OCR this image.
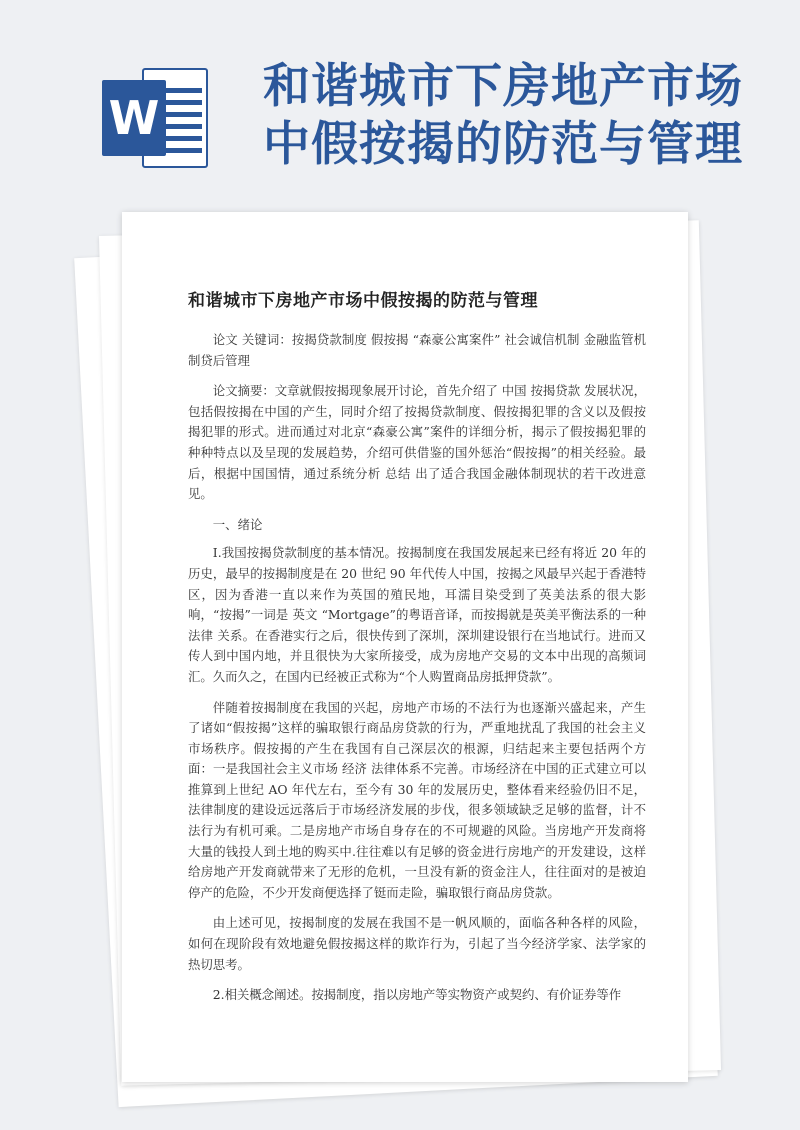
W
和谐城市下房地产市场
中假按揭的防范与管理
和谐城市下房地产市场中假按揭的防范与管理

论文 关键词：按揭贷款制度 假按揭 “森豪公寓案件” 社会诚信机制 金融监管机制贷后管理

论文摘要：文章就假按揭现象展开讨论，首先介绍了 中国 按揭贷款 发展状况，包括假按揭在中国的产生，同时介绍了按揭贷款制度、假按揭犯罪的含义以及假按揭犯罪的形式。进而通过对北京“森豪公寓”案件的详细分析，揭示了假按揭犯罪的种种特点以及呈现的发展趋势，介绍可供借鉴的国外惩治“假按揭”的相关经验。最后，根据中国国情，通过系统分析 总结 出了适合我国金融体制现状的若干改进意见。

一、绪论

I.我国按揭贷款制度的基本情况。按揭制度在我国发展起来已经有将近 20 年的 历史，最早的按揭制度是在 20 世纪 90 年代传人中国，按揭之风最早兴起于香港特区，因为香港一直以来作为英国的殖民地，耳濡目染受到了英美法系的很大影响，“按揭”一词是 英文 “Mortgage”的粤语音译，而按揭就是英美平衡法系的一种 法律 关系。在香港实行之后，很快传到了深圳，深圳建设银行在当地试行。进而又传人到中国内地，并且很快为大家所接受，成为房地产交易的文本中出现的高频词汇。久而久之，在国内已经被正式称为“个人购置商品房抵押贷款”。

伴随着按揭制度在我国的兴起，房地产市场的不法行为也逐渐兴盛起来，产生了诸如“假按揭”这样的骗取银行商品房贷款的行为，严重地扰乱了我国的社会主义市场秩序。假按揭的产生在我国有自己深层次的根源，归结起来主要包括两个方面：一是我国社会主义市场 经济 法律体系不完善。市场经济在中国的正式建立可以推算到上世纪 AO 年代左右，至今有 30 年的发展历史，整体看来经验仍旧不足，法律制度的建设远远落后于市场经济发展的步伐，很多领域缺乏足够的监督，计不法行为有机可乘。二是房地产市场自身存在的不可规避的风险。当房地产开发商将大量的钱投人到土地的购买中.往往难以有足够的资金进行房地产的开发建设，这样给房地产开发商就带来了无形的危机，一旦没有新的资金注人，往往面对的是被迫停产的危险，不少开发商便选择了铤而走险，骗取银行商品房贷款。

由上述可见，按揭制度的发展在我国不是一帆风顺的，面临各种各样的风险，如何在现阶段有效地避免假按揭这样的欺诈行为，引起了当今经济学家、法学家的热切思考。

2.相关概念阐述。按揭制度，指以房地产等实物资产或契约、有价证券等作
